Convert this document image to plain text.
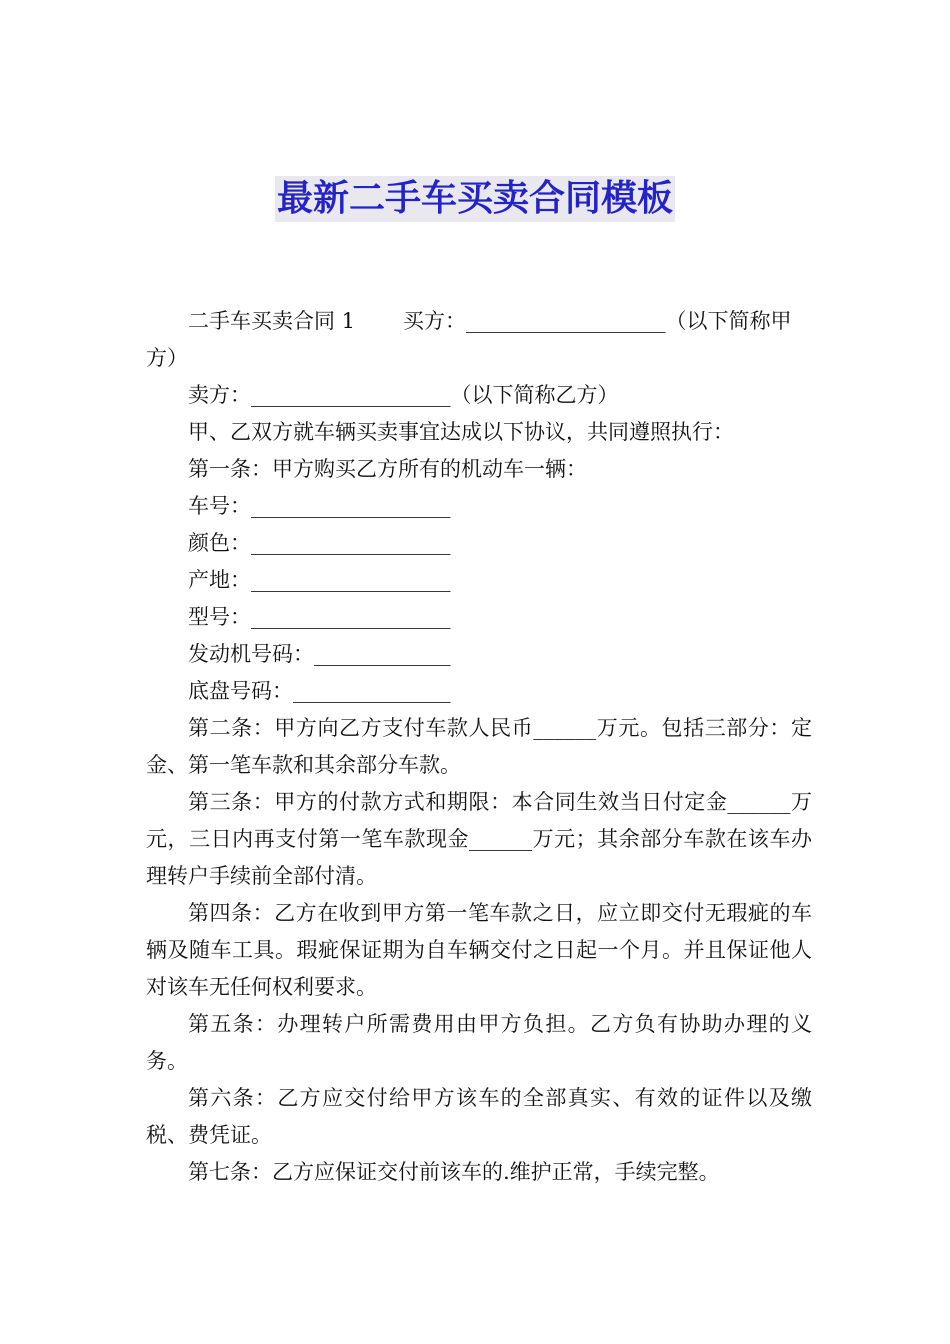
最新二手车买卖合同模板

二手车买卖合同 1 买方：___________________（以下简称甲方）

卖方：___________________（以下简称乙方）

甲、乙双方就车辆买卖事宜达成以下协议，共同遵照执行：

第一条：甲方购买乙方所有的机动车一辆：

车号：___________________

颜色：___________________

产地：___________________

型号：___________________

发动机号码：_____________

底盘号码：_______________

第二条：甲方向乙方支付车款人民币______万元。包括三部分：定金、第一笔车款和其余部分车款。

第三条：甲方的付款方式和期限：本合同生效当日付定金______万元，三日内再支付第一笔车款现金______万元；其余部分车款在该车办理转户手续前全部付清。

第四条：乙方在收到甲方第一笔车款之日，应立即交付无瑕疵的车辆及随车工具。瑕疵保证期为自车辆交付之日起一个月。并且保证他人对该车无任何权利要求。

第五条：办理转户所需费用由甲方负担。乙方负有协助办理的义务。

第六条：乙方应交付给甲方该车的全部真实、有效的证件以及缴税、费凭证。

第七条：乙方应保证交付前该车的.维护正常，手续完整。
